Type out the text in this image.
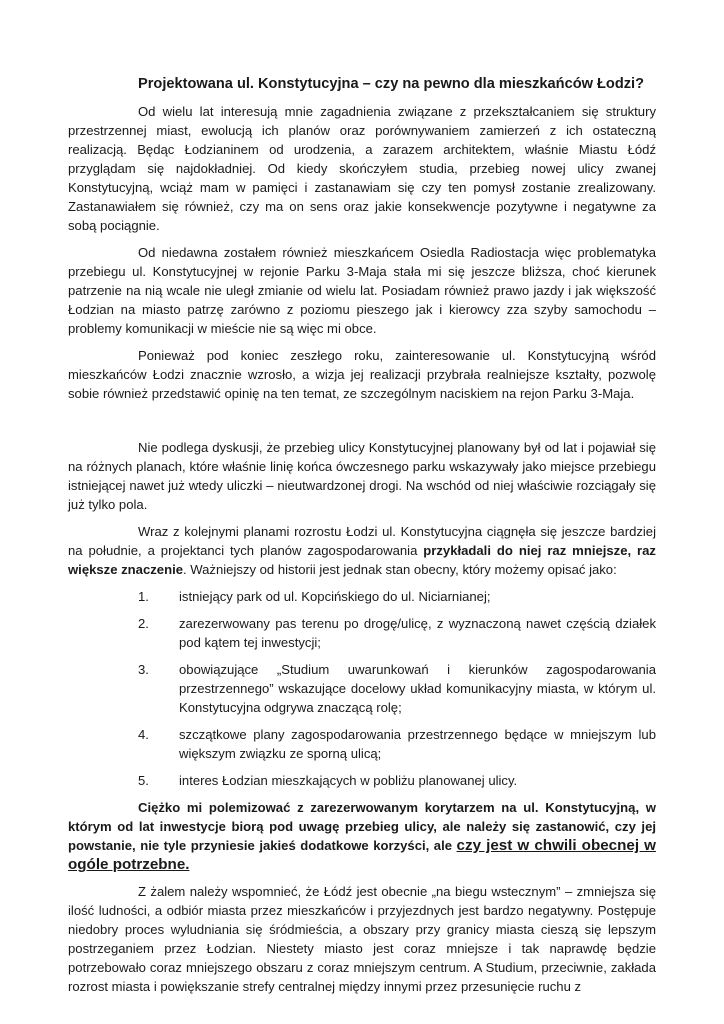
Projektowana ul. Konstytucyjna – czy na pewno dla mieszkańców Łodzi?

Od wielu lat interesują mnie zagadnienia związane z przekształcaniem się struktury przestrzennej miast, ewolucją ich planów oraz porównywaniem zamierzeń z ich ostateczną realizacją. Będąc Łodzianinem od urodzenia, a zarazem architektem, właśnie Miastu Łódź przyglądam się najdokładniej. Od kiedy skończyłem studia, przebieg nowej ulicy zwanej Konstytucyjną, wciąż mam w pamięci i zastanawiam się czy ten pomysł zostanie zrealizowany. Zastanawiałem się również, czy ma on sens oraz jakie konsekwencje pozytywne i negatywne za sobą pociągnie.

Od niedawna zostałem również mieszkańcem Osiedla Radiostacja więc problematyka przebiegu ul. Konstytucyjnej w rejonie Parku 3-Maja stała mi się jeszcze bliższa, choć kierunek patrzenie na nią wcale nie uległ zmianie od wielu lat. Posiadam również prawo jazdy i jak większość Łodzian na miasto patrzę zarówno z poziomu pieszego jak i kierowcy zza szyby samochodu – problemy komunikacji w mieście nie są więc mi obce.

Ponieważ pod koniec zeszłego roku, zainteresowanie ul. Konstytucyjną wśród mieszkańców Łodzi znacznie wzrosło, a wizja jej realizacji przybrała realniejsze kształty, pozwolę sobie również przedstawić opinię na ten temat, ze szczególnym naciskiem na rejon Parku 3-Maja.

Nie podlega dyskusji, że przebieg ulicy Konstytucyjnej planowany był od lat i pojawiał się na różnych planach, które właśnie linię końca ówczesnego parku wskazywały jako miejsce przebiegu istniejącej nawet już wtedy uliczki – nieutwardzonej drogi. Na wschód od niej właściwie rozciągały się już tylko pola.

Wraz z kolejnymi planami rozrostu Łodzi ul. Konstytucyjna ciągnęła się jeszcze bardziej na południe, a projektanci tych planów zagospodarowania przykładali do niej raz mniejsze, raz większe znaczenie. Ważniejszy od historii jest jednak stan obecny, który możemy opisać jako:

1. istniejący park od ul. Kopcińskiego do ul. Niciarnianej;
2. zarezerwowany pas terenu po drogę/ulicę, z wyznaczoną nawet częścią działek pod kątem tej inwestycji;
3. obowiązujące „Studium uwarunkowań i kierunków zagospodarowania przestrzennego” wskazujące docelowy układ komunikacyjny miasta, w którym ul. Konstytucyjna odgrywa znaczącą rolę;
4. szczątkowe plany zagospodarowania przestrzennego będące w mniejszym lub większym związku ze sporną ulicą;
5. interes Łodzian mieszkających w pobliżu planowanej ulicy.

Ciężko mi polemizować z zarezerwowanym korytarzem na ul. Konstytucyjną, w którym od lat inwestycje biorą pod uwagę przebieg ulicy, ale należy się zastanowić, czy jej powstanie, nie tyle przyniesie jakieś dodatkowe korzyści, ale czy jest w chwili obecnej w ogóle potrzebne.

Z żalem należy wspomnieć, że Łódź jest obecnie „na biegu wstecznym” – zmniejsza się ilość ludności, a odbiór miasta przez mieszkańców i przyjezdnych jest bardzo negatywny. Postępuje niedobry proces wyludniania się śródmieścia, a obszary przy granicy miasta cieszą się lepszym postrzeganiem przez Łodzian. Niestety miasto jest coraz mniejsze i tak naprawdę będzie potrzebowało coraz mniejszego obszaru z coraz mniejszym centrum. A Studium, przeciwnie, zakłada rozrost miasta i powiększanie strefy centralnej między innymi przez przesunięcie ruchu z
